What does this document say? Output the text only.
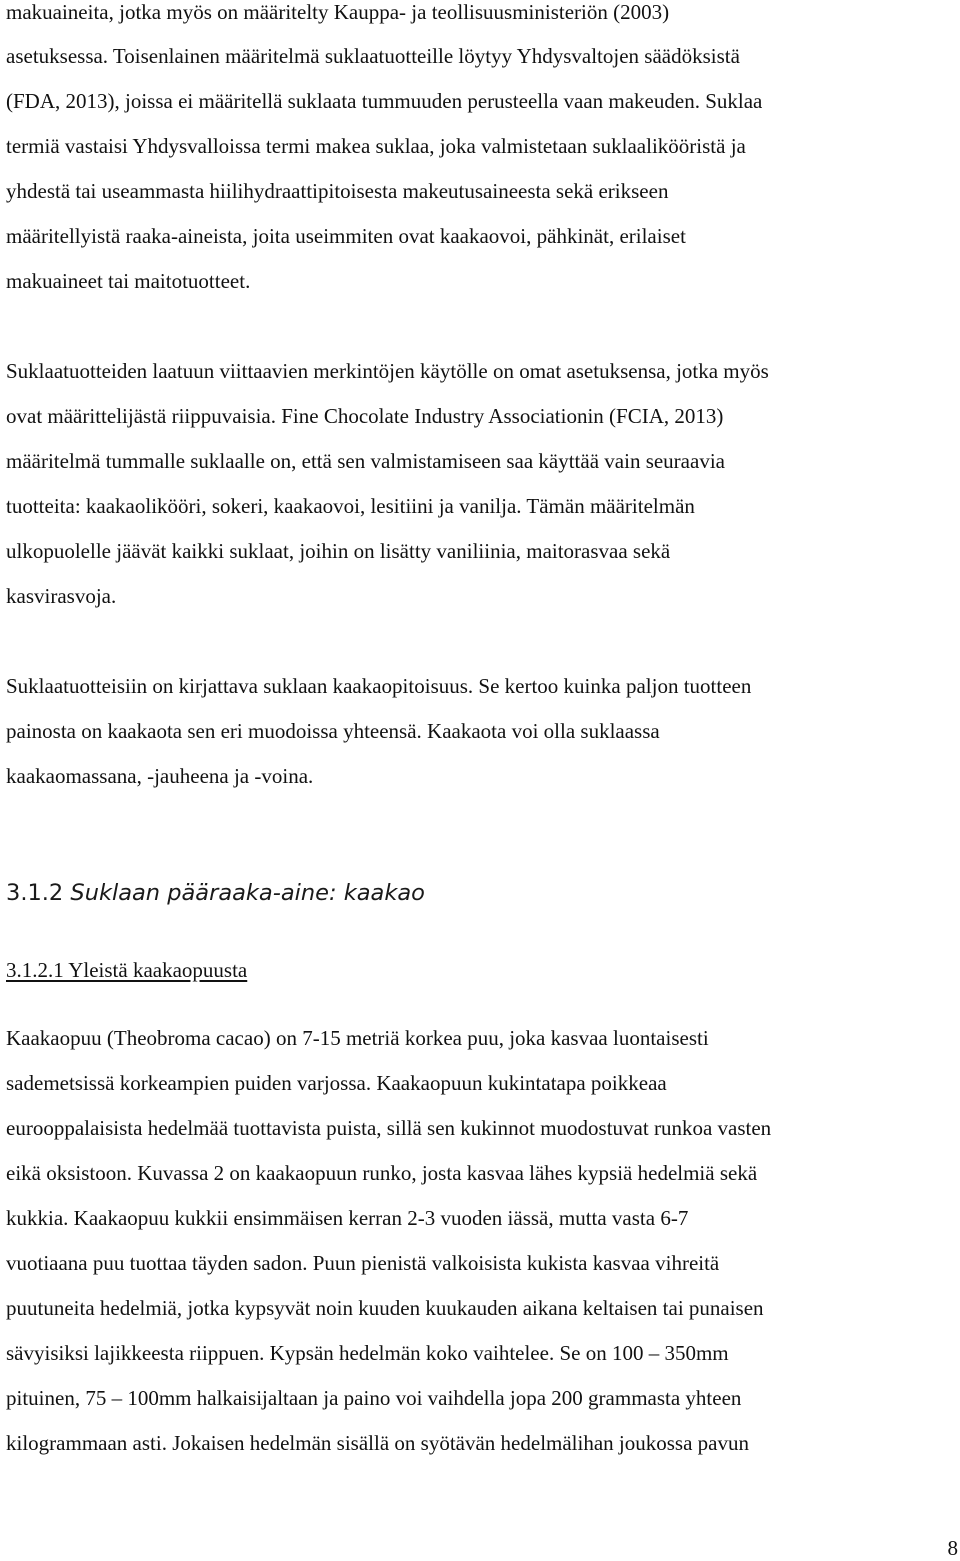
makuaineita, jotka myös on määritelty Kauppa- ja teollisuusministeriön (2003)

asetuksessa. Toisenlainen määritelmä suklaatuotteille löytyy Yhdysvaltojen säädöksistä

(FDA, 2013), joissa ei määritellä suklaata tummuuden perusteella vaan makeuden. Suklaa

termiä vastaisi Yhdysvalloissa termi makea suklaa, joka valmistetaan suklaalikööristä ja

yhdestä tai useammasta hiilihydraattipitoisesta makeutusaineesta sekä erikseen

määritellyistä raaka-aineista, joita useimmiten ovat kaakaovoi, pähkinät, erilaiset

makuaineet tai maitotuotteet.

Suklaatuotteiden laatuun viittaavien merkintöjen käytölle on omat asetuksensa, jotka myös

ovat määrittelijästä riippuvaisia. Fine Chocolate Industry Associationin (FCIA, 2013)

määritelmä tummalle suklaalle on, että sen valmistamiseen saa käyttää vain seuraavia

tuotteita: kaakaolikööri, sokeri, kaakaovoi, lesitiini ja vanilja. Tämän määritelmän

ulkopuolelle jäävät kaikki suklaat, joihin on lisätty vaniliinia, maitorasvaa sekä

kasvirasvoja.

Suklaatuotteisiin on kirjattava suklaan kaakaopitoisuus. Se kertoo kuinka paljon tuotteen

painosta on kaakaota sen eri muodoissa yhteensä. Kaakaota voi olla suklaassa

kaakaomassana, -jauheena ja -voina.

3.1.2 Suklaan pääraaka-aine: kaakao
3.1.2.1 Yleistä kaakaopuusta

Kaakaopuu (Theobroma cacao) on 7-15 metriä korkea puu, joka kasvaa luontaisesti

sademetsissä korkeampien puiden varjossa. Kaakaopuun kukintatapa poikkeaa

eurooppalaisista hedelmää tuottavista puista, sillä sen kukinnot muodostuvat runkoa vasten

eikä oksistoon. Kuvassa 2 on kaakaopuun runko, josta kasvaa lähes kypsiä hedelmiä sekä

kukkia. Kaakaopuu kukkii ensimmäisen kerran 2-3 vuoden iässä, mutta vasta 6-7

vuotiaana puu tuottaa täyden sadon. Puun pienistä valkoisista kukista kasvaa vihreitä

puutuneita hedelmiä, jotka kypsyvät noin kuuden kuukauden aikana keltaisen tai punaisen

sävyisiksi lajikkeesta riippuen. Kypsän hedelmän koko vaihtelee. Se on 100 – 350mm

pituinen, 75 – 100mm halkaisijaltaan ja paino voi vaihdella jopa 200 grammasta yhteen

kilogrammaan asti. Jokaisen hedelmän sisällä on syötävän hedelmälihan joukossa pavun

8
